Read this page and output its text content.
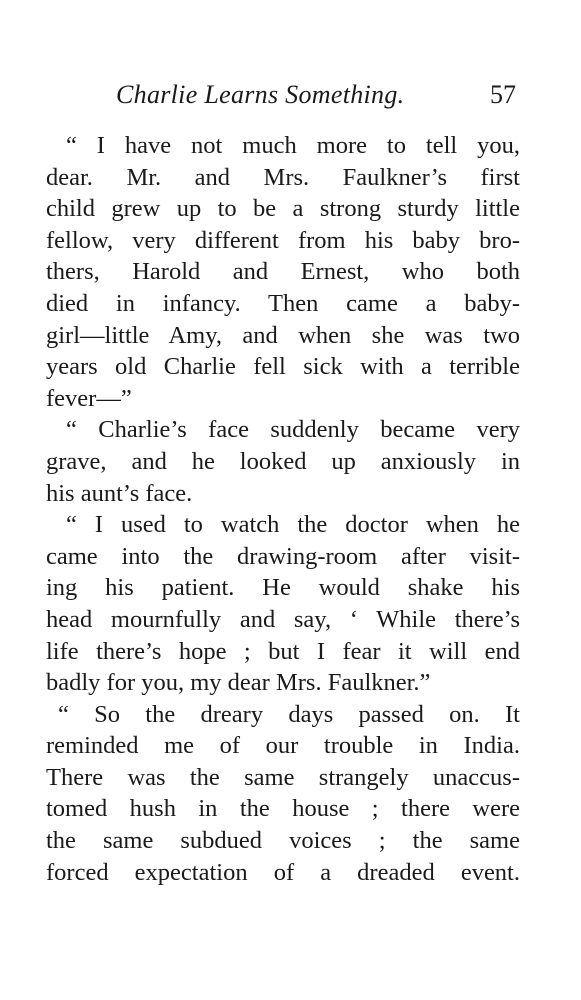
Charlie Learns Something.	57
“ I have not much more to tell you,
dear. Mr. and Mrs. Faulkner’s first
child grew up to be a strong sturdy little
fellow, very different from his baby bro-
thers, Harold and Ernest, who both
died in infancy. Then came a baby-
girl—little Amy, and when she was two
years old Charlie fell sick with a terrible
fever—”
“ Charlie’s face suddenly became very
grave, and he looked up anxiously in
his aunt’s face.
“ I used to watch the doctor when he
came into the drawing-room after visit-
ing his patient. He would shake his
head mournfully and say, ‘ While there’s
life there’s hope ; but I fear it will end
badly for you, my dear Mrs. Faulkner.”
“ So the dreary days passed on. It
reminded me of our trouble in India.
There was the same strangely unaccus-
tomed hush in the house ; there were
the same subdued voices ; the same
forced expectation of a dreaded event.
